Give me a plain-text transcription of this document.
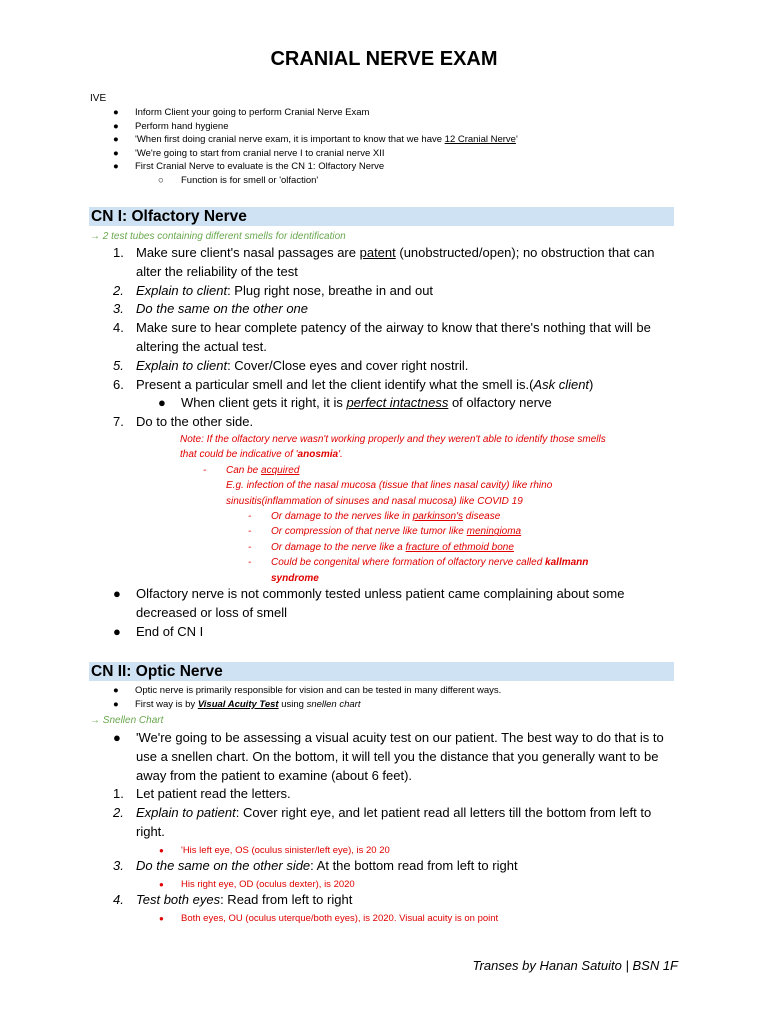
CRANIAL NERVE EXAM
IVE
● Inform Client your going to perform Cranial Nerve Exam
● Perform hand hygiene
● 'When first doing cranial nerve exam, it is important to know that we have 12 Cranial Nerve'
● 'We're going to start from cranial nerve I to cranial nerve XII
● First Cranial Nerve to evaluate is the CN 1: Olfactory Nerve
○ Function is for smell or 'olfaction'
CN I: Olfactory Nerve
→ 2 test tubes containing different smells for identification
1. Make sure client's nasal passages are patent (unobstructed/open); no obstruction that can alter the reliability of the test
2. Explain to client: Plug right nose, breathe in and out
3. Do the same on the other one
4. Make sure to hear complete patency of the airway to know that there's nothing that will be altering the actual test.
5. Explain to client: Cover/Close eyes and cover right nostril.
6. Present a particular smell and let the client identify what the smell is.(Ask client)
● When client gets it right, it is perfect intactness of olfactory nerve
7. Do to the other side.
Note: If the olfactory nerve wasn't working properly and they weren't able to identify those smells
that could be indicative of 'anosmia'.
- Can be acquired
E.g. infection of the nasal mucosa (tissue that lines nasal cavity) like rhino
sinusitis(inflammation of sinuses and nasal mucosa) like COVID 19
- Or damage to the nerves like in parkinson's disease
- Or compression of that nerve like tumor like meningioma
- Or damage to the nerve like a fracture of ethmoid bone
- Could be congenital where formation of olfactory nerve called kallmann
syndrome
● Olfactory nerve is not commonly tested unless patient came complaining about some decreased or loss of smell
● End of CN I
CN II: Optic Nerve
● Optic nerve is primarily responsible for vision and can be tested in many different ways.
● First way is by Visual Acuity Test using snellen chart
→ Snellen Chart
● 'We're going to be assessing a visual acuity test on our patient. The best way to do that is to use a snellen chart. On the bottom, it will tell you the distance that you generally want to be away from the patient to examine (about 6 feet).
1. Let patient read the letters.
2. Explain to patient: Cover right eye, and let patient read all letters till the bottom from left to right.
● 'His left eye, OS (oculus sinister/left eye), is 20 20
3. Do the same on the other side: At the bottom read from left to right
● His right eye, OD (oculus dexter), is 2020
4. Test both eyes: Read from left to right
● Both eyes, OU (oculus uterque/both eyes), is 2020. Visual acuity is on point
Transes by Hanan Satuito | BSN 1F
